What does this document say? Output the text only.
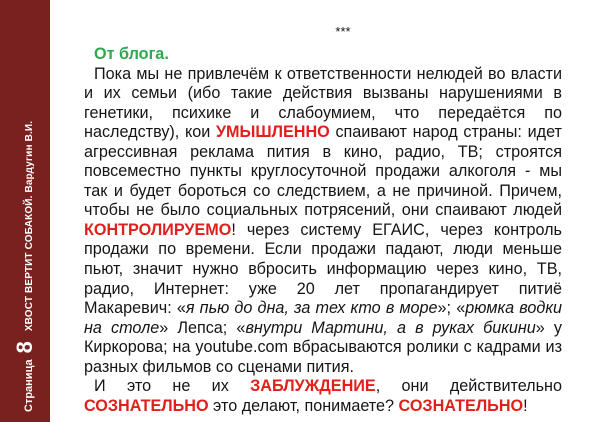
Страница
8
ХВОСТ ВЕРТИТ СОБАКОЙ. Вардугин В.И.
***
От блога.

Пока мы не привлечём к ответственности нелюдей во власти и их семьи (ибо такие действия вызваны нарушениями в генетики, психике и слабоумием, что передаётся по наследству), кои УМЫШЛЕННО спаивают народ страны: идет агрессивная реклама пития в кино, радио, ТВ; строятся повсеместно пункты круглосуточной продажи алкоголя - мы так и будет бороться со следствием, а не причиной. Причем, чтобы не было социальных потрясений, они спаивают людей КОНТРОЛИРУЕМО! через систему ЕГАИС, через контроль продажи по времени. Если продажи падают, люди меньше пьют, значит нужно вбросить информацию через кино, ТВ, радио, Интернет: уже 20 лет пропагандирует питиё Макаревич: «я пью до дна, за тех кто в море»; «рюмка водки на столе» Лепса; «внутри Мартини, а в руках бикини» у Киркорова; на youtube.com вбрасываются ролики с кадрами из разных фильмов со сценами пития.

И это не их ЗАБЛУЖДЕНИЕ, они действительно СОЗНАТЕЛЬНО это делают, понимаете? СОЗНАТЕЛЬНО!
